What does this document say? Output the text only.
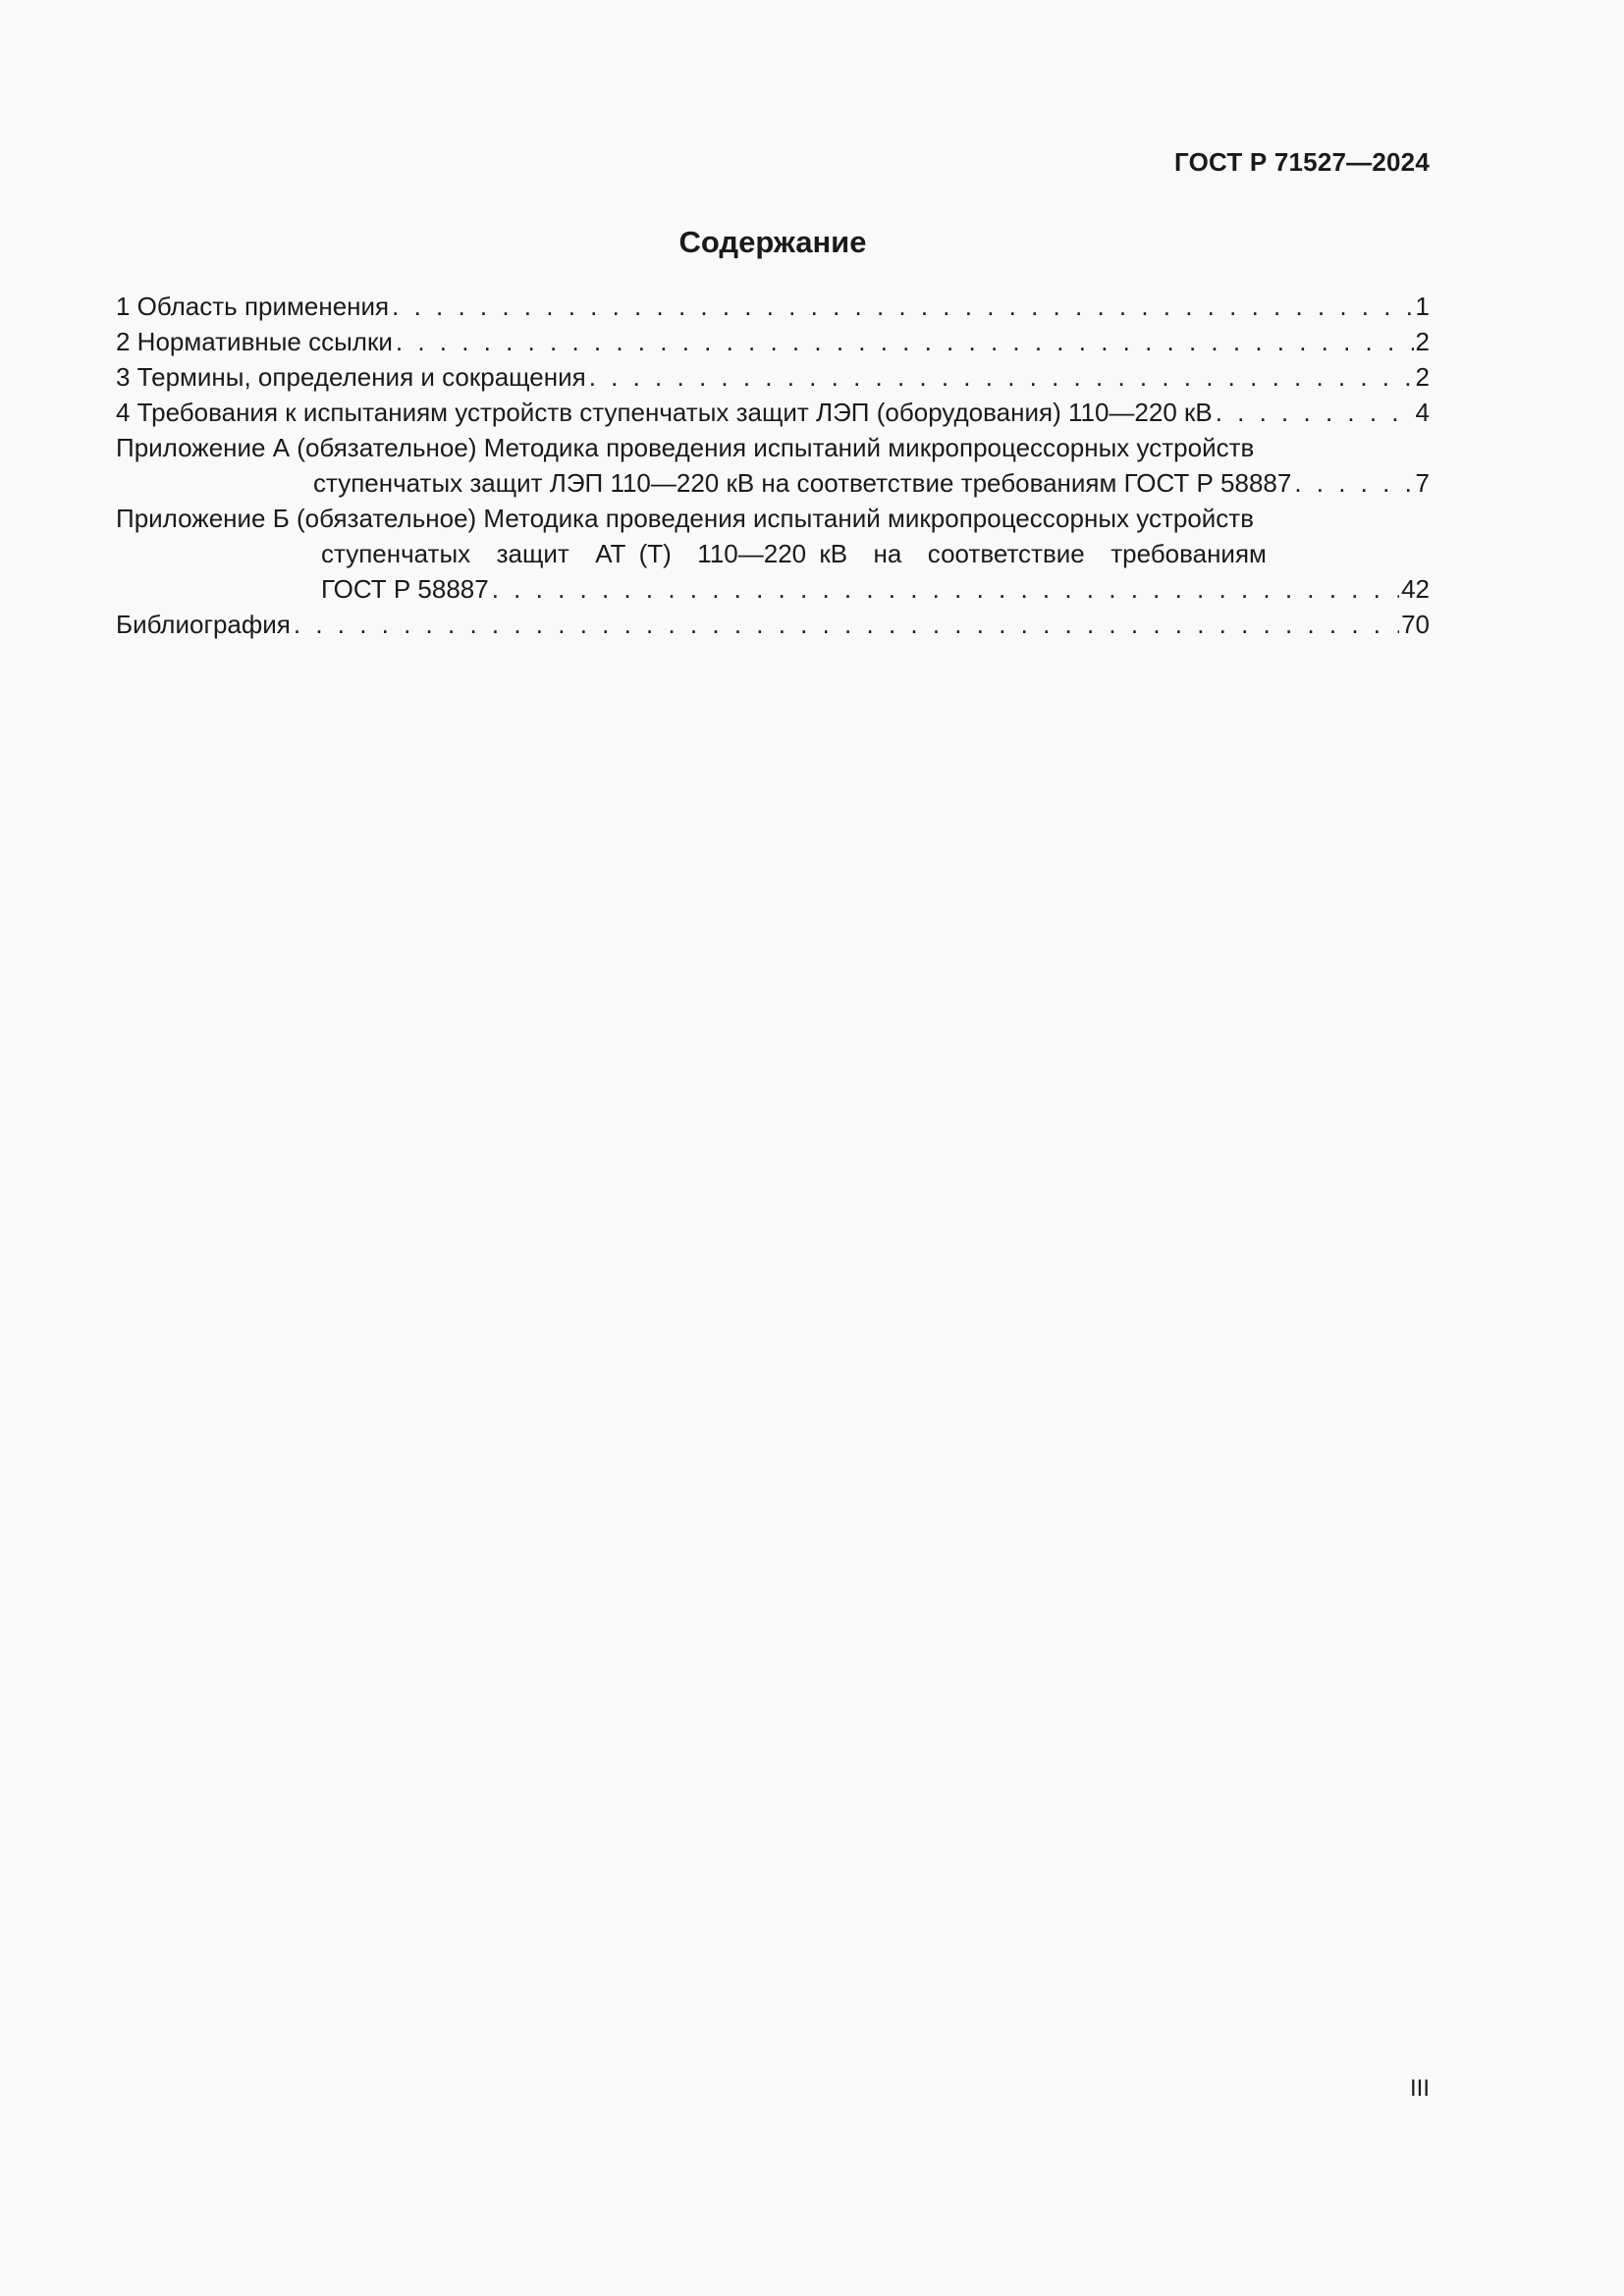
ГОСТ Р 71527—2024
Содержание
1 Область применения . . .	1
2 Нормативные ссылки . . .	2
3 Термины, определения и сокращения . . .	2
4 Требования к испытаниям устройств ступенчатых защит ЛЭП (оборудования) 110—220 кВ . . .	4
Приложение А (обязательное) Методика проведения испытаний микропроцессорных устройств
ступенчатых защит ЛЭП 110—220 кВ на соответствие требованиям ГОСТ Р 58887 . . .	7
Приложение Б (обязательное) Методика проведения испытаний микропроцессорных устройств
ступенчатых  защит  АТ (Т)  110—220 кВ  на  соответствие  требованиям
ГОСТ Р 58887 . . .	42
Библиография . . .	70
III
